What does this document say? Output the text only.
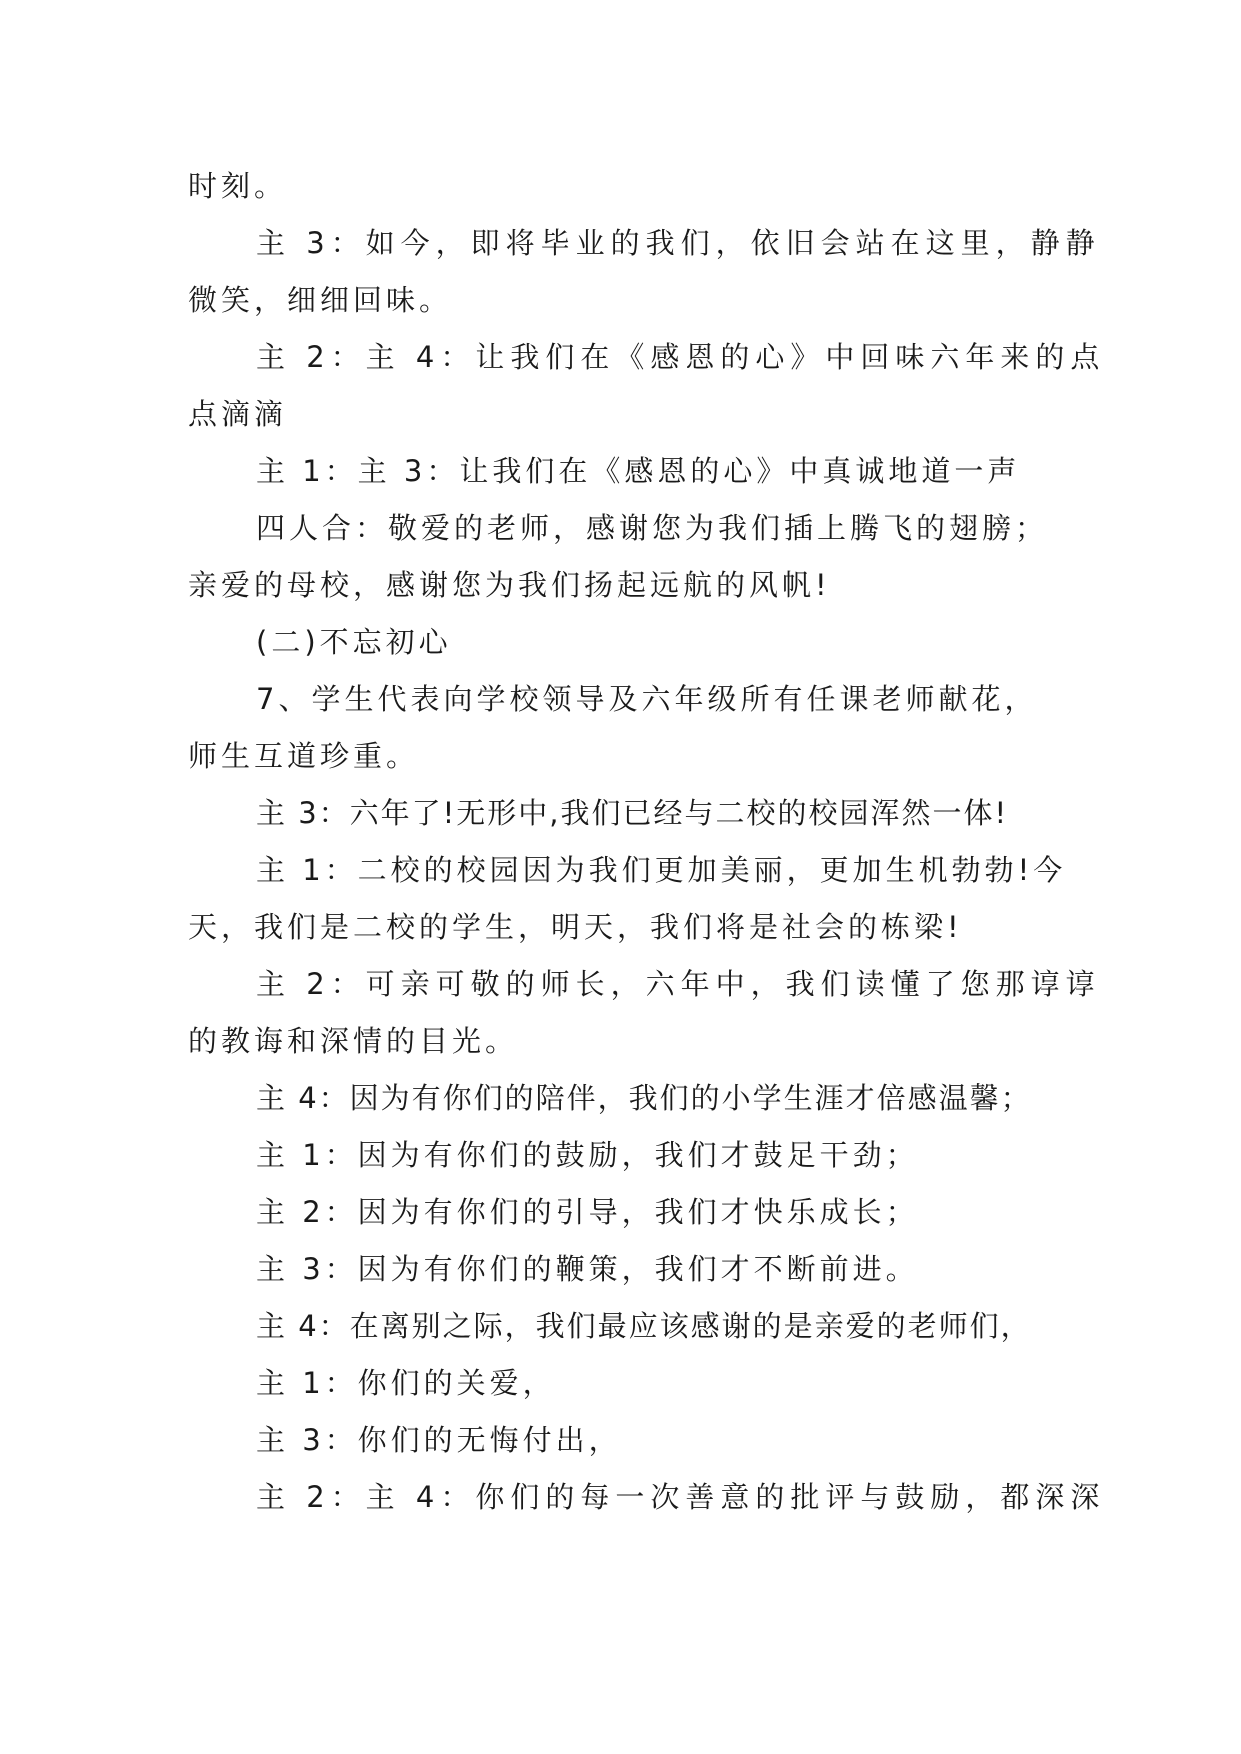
时刻。
主 3：如今，即将毕业的我们，依旧会站在这里，静静
微笑，细细回味。
主 2：主 4：让我们在《感恩的心》中回味六年来的点
点滴滴
主 1：主 3：让我们在《感恩的心》中真诚地道一声
四人合：敬爱的老师，感谢您为我们插上腾飞的翅膀；
亲爱的母校，感谢您为我们扬起远航的风帆!
(二)不忘初心
7、学生代表向学校领导及六年级所有任课老师献花，
师生互道珍重。
主 3：六年了!无形中,我们已经与二校的校园浑然一体!
主 1：二校的校园因为我们更加美丽，更加生机勃勃!今
天，我们是二校的学生，明天，我们将是社会的栋梁!
主 2：可亲可敬的师长，六年中，我们读懂了您那谆谆
的教诲和深情的目光。
主 4：因为有你们的陪伴，我们的小学生涯才倍感温馨；
主 1：因为有你们的鼓励，我们才鼓足干劲；
主 2：因为有你们的引导，我们才快乐成长；
主 3：因为有你们的鞭策，我们才不断前进。
主 4：在离别之际，我们最应该感谢的是亲爱的老师们，
主 1：你们的关爱，
主 3：你们的无悔付出，
主 2：主 4：你们的每一次善意的批评与鼓励，都深深
